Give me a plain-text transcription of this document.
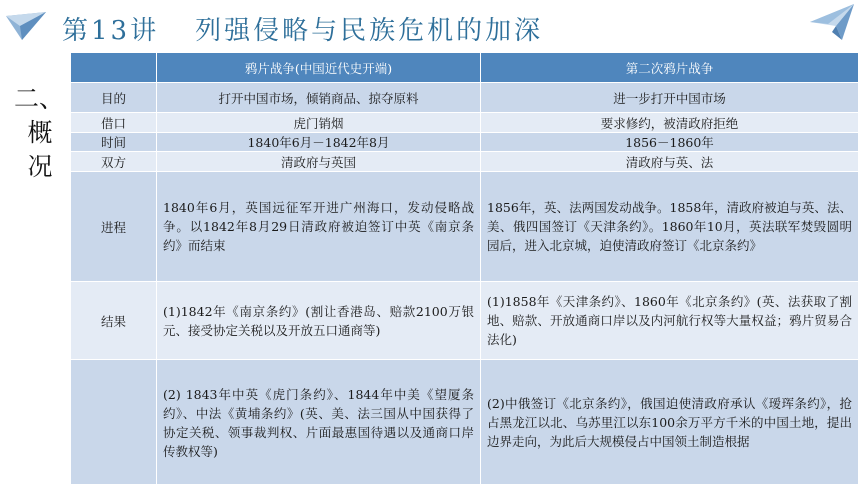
第13讲 列强侵略与民族危机的加深
二、
概
况
	鸦片战争(中国近代史开端)	第二次鸦片战争
目的	打开中国市场，倾销商品、掠夺原料	进一步打开中国市场
借口	虎门销烟	要求修约，被清政府拒绝
时间	1840年6月－1842年8月	1856－1860年
双方	清政府与英国	清政府与英、法
进程	1840年6月，英国远征军开进广州海口，发动侵略战争。以1842年8月29日清政府被迫签订中英《南京条约》而结束	1856年，英、法两国发动战争。1858年，清政府被迫与英、法、美、俄四国签订《天津条约》。1860年10月，英法联军焚毁圆明园后，进入北京城，迫使清政府签订《北京条约》
结果	(1)1842年《南京条约》(割让香港岛、赔款2100万银元、接受协定关税以及开放五口通商等)	(1)1858年《天津条约》、1860年《北京条约》(英、法获取了割地、赔款、开放通商口岸以及内河航行权等大量权益；鸦片贸易合法化)
	(2) 1843年中英《虎门条约》、1844年中美《望厦条约》、中法《黄埔条约》(英、美、法三国从中国获得了协定关税、领事裁判权、片面最惠国待遇以及通商口岸传教权等)	(2)中俄签订《北京条约》，俄国迫使清政府承认《瑷珲条约》，抢占黑龙江以北、乌苏里江以东100余万平方千米的中国土地，提出边界走向，为此后大规模侵占中国领土制造根据
